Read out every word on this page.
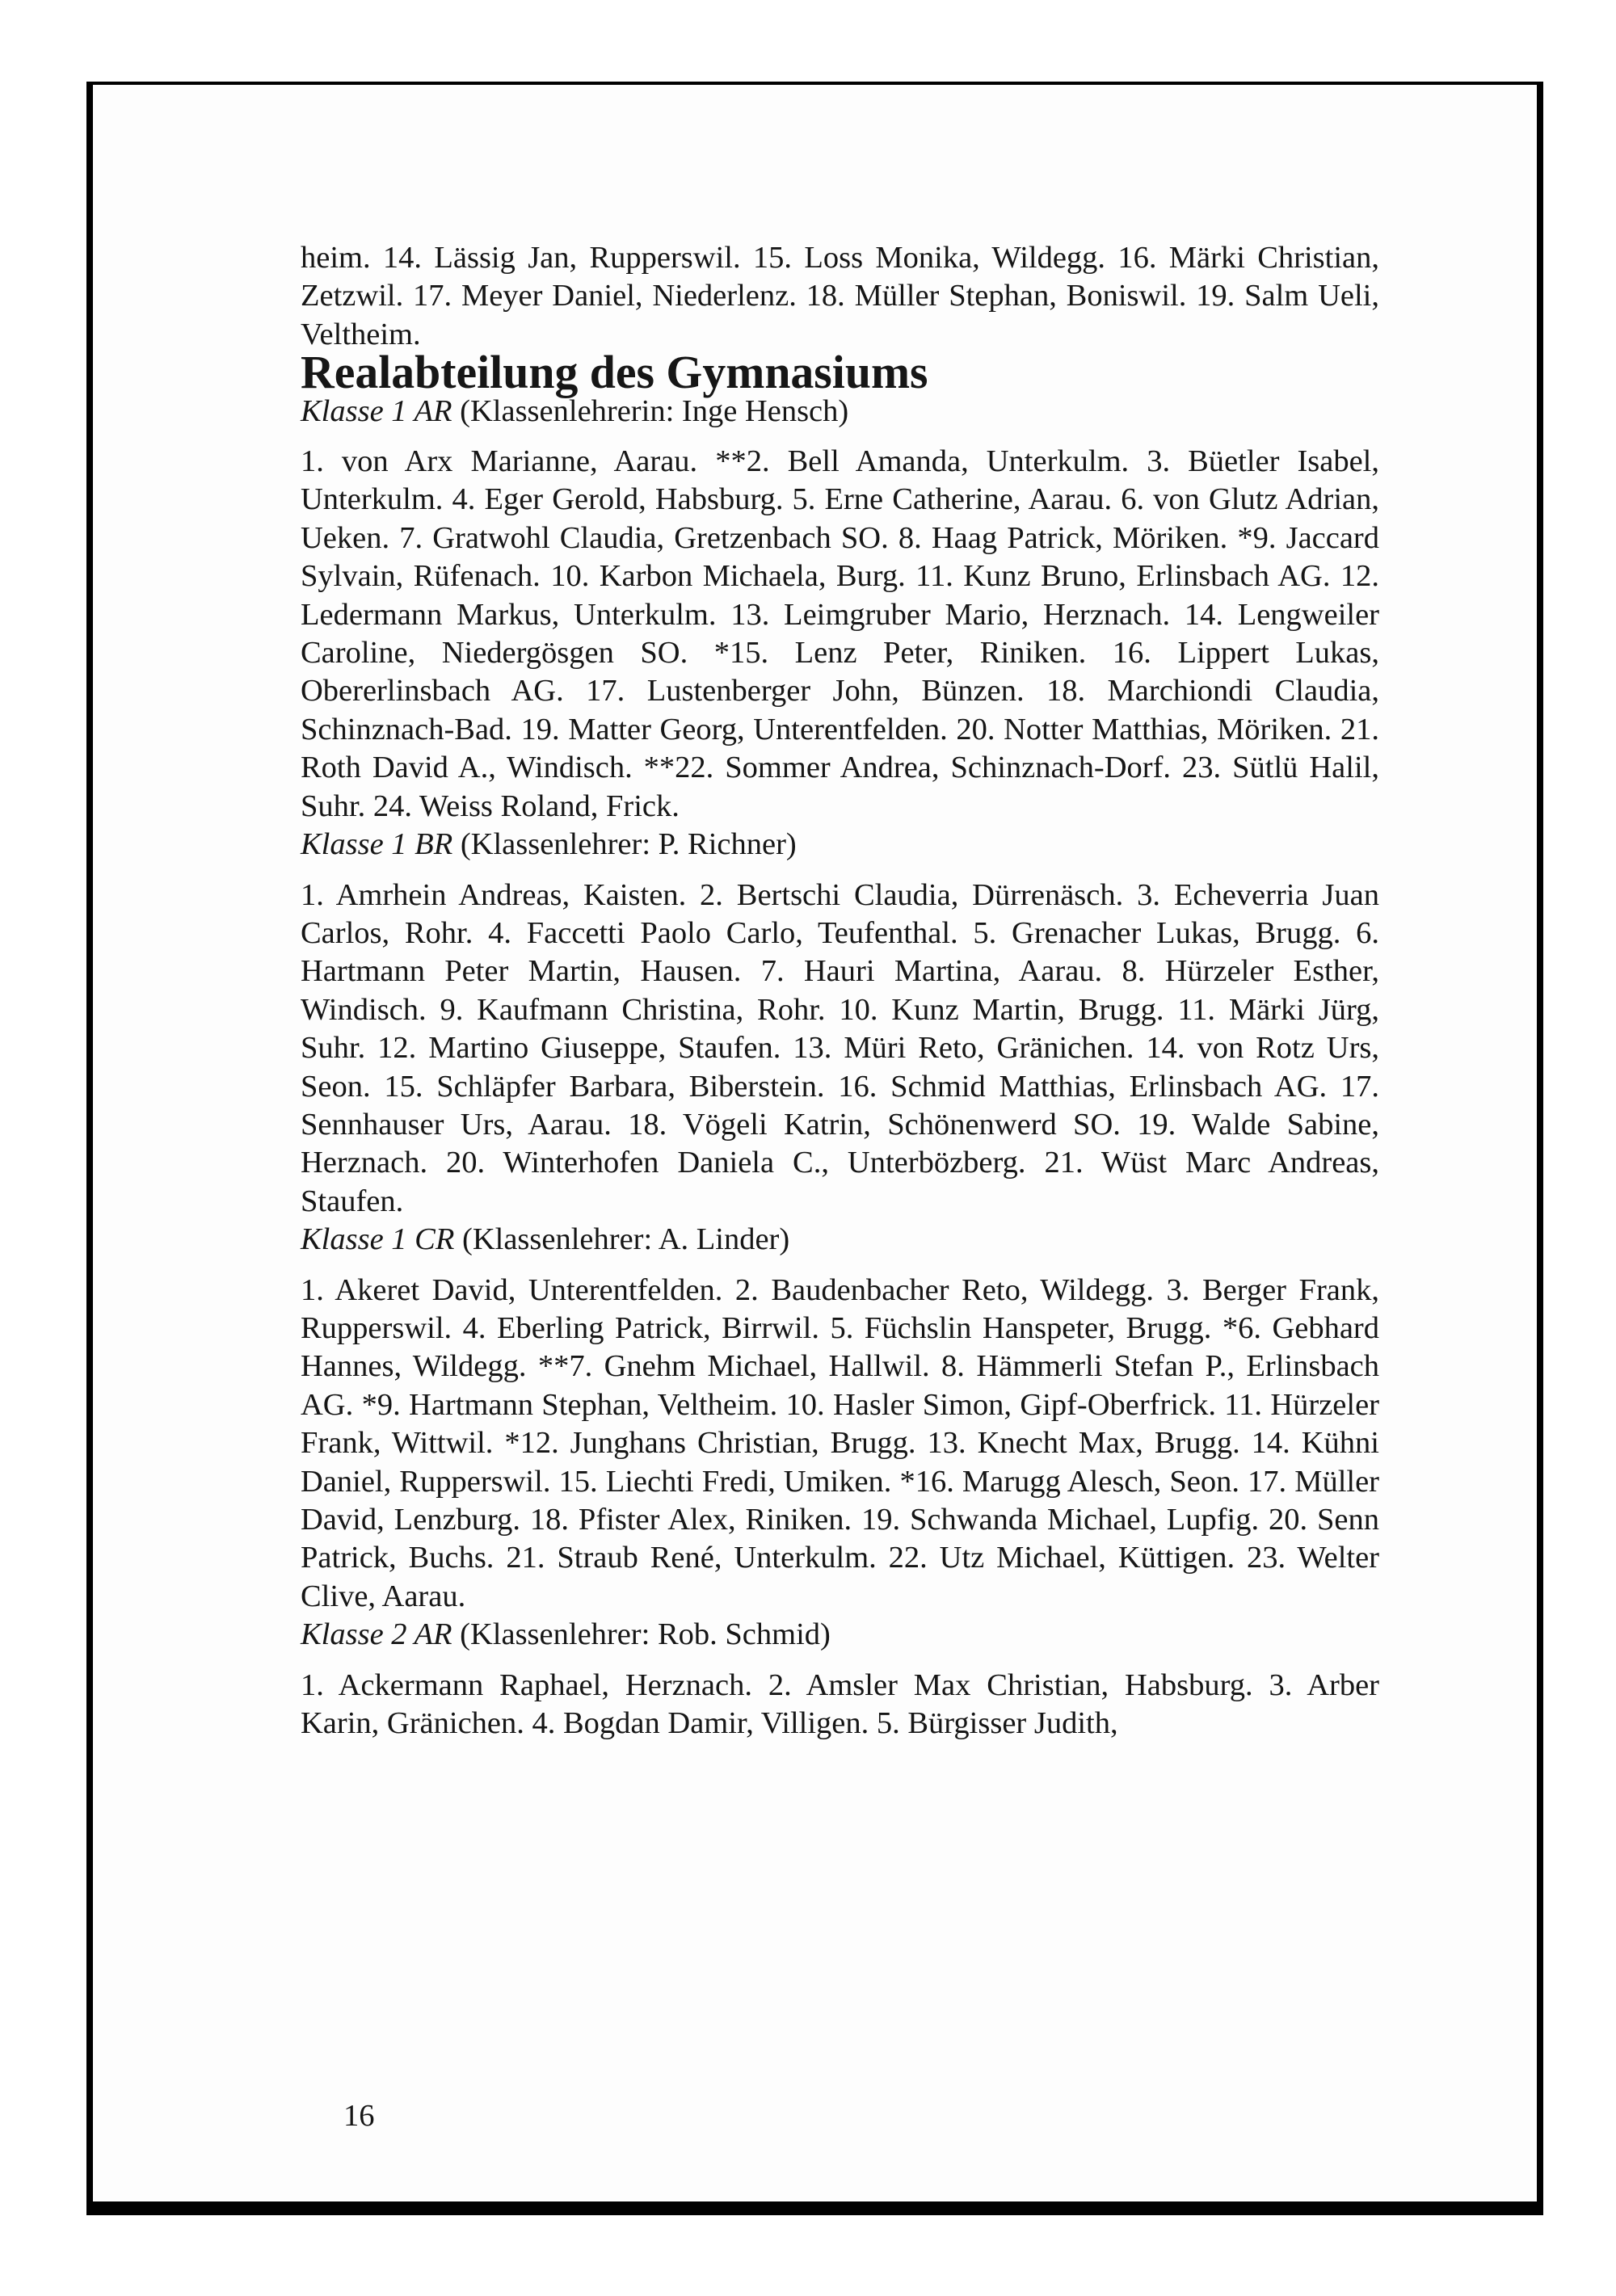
heim. 14. Lässig Jan, Rupperswil. 15. Loss Monika, Wildegg. 16. Märki Christian, Zetzwil. 17. Meyer Daniel, Niederlenz. 18. Müller Stephan, Boniswil. 19. Salm Ueli, Veltheim.

Realabteilung des Gymnasiums

Klasse 1 AR (Klassenlehrerin: Inge Hensch)

1. von Arx Marianne, Aarau. **2. Bell Amanda, Unterkulm. 3. Büetler Isabel, Unterkulm. 4. Eger Gerold, Habsburg. 5. Erne Catherine, Aarau. 6. von Glutz Adrian, Ueken. 7. Gratwohl Claudia, Gretzenbach SO. 8. Haag Patrick, Möriken. *9. Jaccard Sylvain, Rüfenach. 10. Karbon Michaela, Burg. 11. Kunz Bruno, Erlinsbach AG. 12. Ledermann Markus, Unterkulm. 13. Leimgruber Mario, Herznach. 14. Lengweiler Caroline, Niedergösgen SO. *15. Lenz Peter, Riniken. 16. Lippert Lukas, Obererlinsbach AG. 17. Lustenberger John, Bünzen. 18. Marchiondi Claudia, Schinznach-Bad. 19. Matter Georg, Unterentfelden. 20. Notter Matthias, Möriken. 21. Roth David A., Windisch. **22. Sommer Andrea, Schinznach-Dorf. 23. Sütlü Halil, Suhr. 24. Weiss Roland, Frick.

Klasse 1 BR (Klassenlehrer: P. Richner)

1. Amrhein Andreas, Kaisten. 2. Bertschi Claudia, Dürrenäsch. 3. Echeverria Juan Carlos, Rohr. 4. Faccetti Paolo Carlo, Teufenthal. 5. Grenacher Lukas, Brugg. 6. Hartmann Peter Martin, Hausen. 7. Hauri Martina, Aarau. 8. Hürzeler Esther, Windisch. 9. Kaufmann Christina, Rohr. 10. Kunz Martin, Brugg. 11. Märki Jürg, Suhr. 12. Martino Giuseppe, Staufen. 13. Müri Reto, Gränichen. 14. von Rotz Urs, Seon. 15. Schläpfer Barbara, Biberstein. 16. Schmid Matthias, Erlinsbach AG. 17. Sennhauser Urs, Aarau. 18. Vögeli Katrin, Schönenwerd SO. 19. Walde Sabine, Herznach. 20. Winterhofen Daniela C., Unterbözberg. 21. Wüst Marc Andreas, Staufen.

Klasse 1 CR (Klassenlehrer: A. Linder)

1. Akeret David, Unterentfelden. 2. Baudenbacher Reto, Wildegg. 3. Berger Frank, Rupperswil. 4. Eberling Patrick, Birrwil. 5. Füchslin Hanspeter, Brugg. *6. Gebhard Hannes, Wildegg. **7. Gnehm Michael, Hallwil. 8. Hämmerli Stefan P., Erlinsbach AG. *9. Hartmann Stephan, Veltheim. 10. Hasler Simon, Gipf-Oberfrick. 11. Hürzeler Frank, Wittwil. *12. Junghans Christian, Brugg. 13. Knecht Max, Brugg. 14. Kühni Daniel, Rupperswil. 15. Liechti Fredi, Umiken. *16. Marugg Alesch, Seon. 17. Müller David, Lenzburg. 18. Pfister Alex, Riniken. 19. Schwanda Michael, Lupfig. 20. Senn Patrick, Buchs. 21. Straub René, Unterkulm. 22. Utz Michael, Küttigen. 23. Welter Clive, Aarau.

Klasse 2 AR (Klassenlehrer: Rob. Schmid)

1. Ackermann Raphael, Herznach. 2. Amsler Max Christian, Habsburg. 3. Arber Karin, Gränichen. 4. Bogdan Damir, Villigen. 5. Bürgisser Judith,

16
